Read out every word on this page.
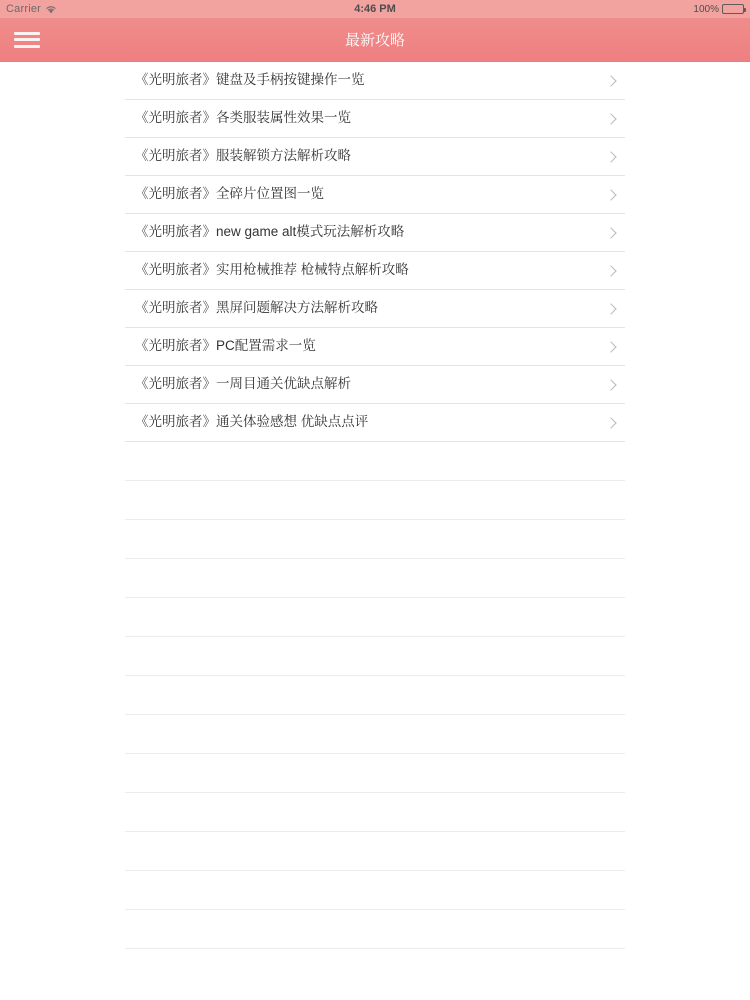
Carrier	4:46 PM	100%
最新攻略
《光明旅者》键盘及手柄按键操作一览
《光明旅者》各类服装属性效果一览
《光明旅者》服装解锁方法解析攻略
《光明旅者》全碎片位置图一览
《光明旅者》new game alt模式玩法解析攻略
《光明旅者》实用枪械推荐 枪械特点解析攻略
《光明旅者》黑屏问题解决方法解析攻略
《光明旅者》PC配置需求一览
《光明旅者》一周目通关优缺点解析
《光明旅者》通关体验感想 优缺点点评
